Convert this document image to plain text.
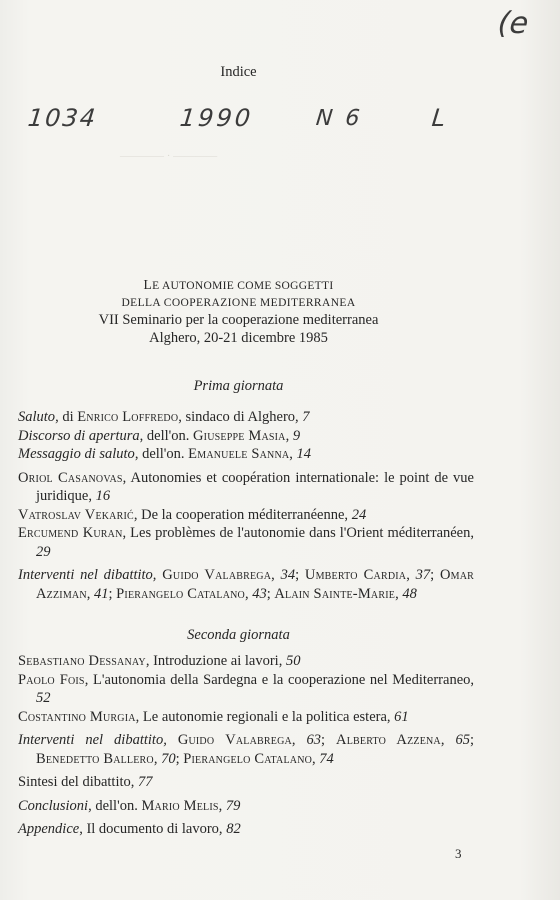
1034	1990	N 6	L
(e
———— · ————
Indice
LE AUTONOMIE COME SOGGETTI
DELLA COOPERAZIONE MEDITERRANEA
VII Seminario per la cooperazione mediterranea
Alghero, 20-21 dicembre 1985
Prima giornata
Saluto, di Enrico Loffredo, sindaco di Alghero, 7
Discorso di apertura, dell'on. Giuseppe Masia, 9
Messaggio di saluto, dell'on. Emanuele Sanna, 14
Oriol Casanovas, Autonomies et coopération internationale: le point de vue juridique, 16
Vatroslav Vekarić, De la cooperation méditerranéenne, 24
Ercumend Kuran, Les problèmes de l'autonomie dans l'Orient méditerranéen, 29
Interventi nel dibattito, Guido Valabrega, 34; Umberto Cardia, 37; Omar Azziman, 41; Pierangelo Catalano, 43; Alain Sainte-Marie, 48
Seconda giornata
Sebastiano Dessanay, Introduzione ai lavori, 50
Paolo Fois, L'autonomia della Sardegna e la cooperazione nel Mediterraneo, 52
Costantino Murgia, Le autonomie regionali e la politica estera, 61
Interventi nel dibattito, Guido Valabrega, 63; Alberto Azzena, 65; Benedetto Ballero, 70; Pierangelo Catalano, 74
Sintesi del dibattito, 77
Conclusioni, dell'on. Mario Melis, 79
Appendice, Il documento di lavoro, 82
3
